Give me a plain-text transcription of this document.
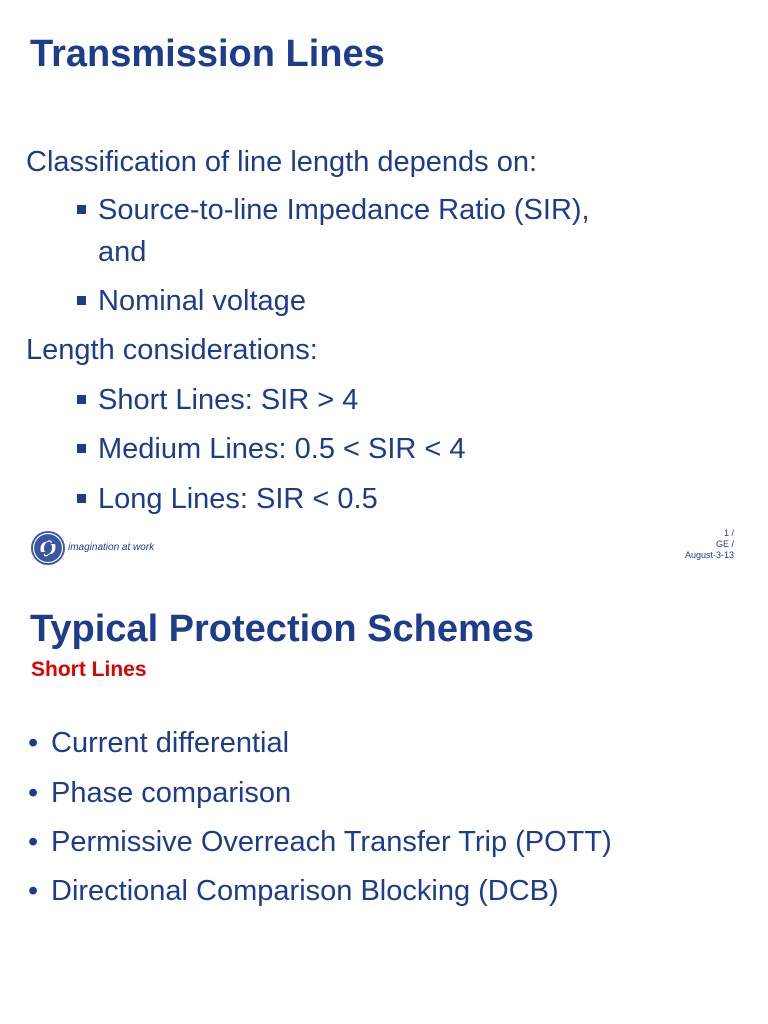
Transmission Lines
Classification of line length depends on:
Source-to-line Impedance Ratio (SIR),
and
Nominal voltage
Length considerations:
Short Lines: SIR > 4
Medium Lines: 0.5 < SIR < 4
Long Lines: SIR < 0.5
imagination at work
1 /
GE /
August-3-13
Typical Protection Schemes
Short Lines
• Current differential
• Phase comparison
• Permissive Overreach Transfer Trip (POTT)
• Directional Comparison Blocking (DCB)
